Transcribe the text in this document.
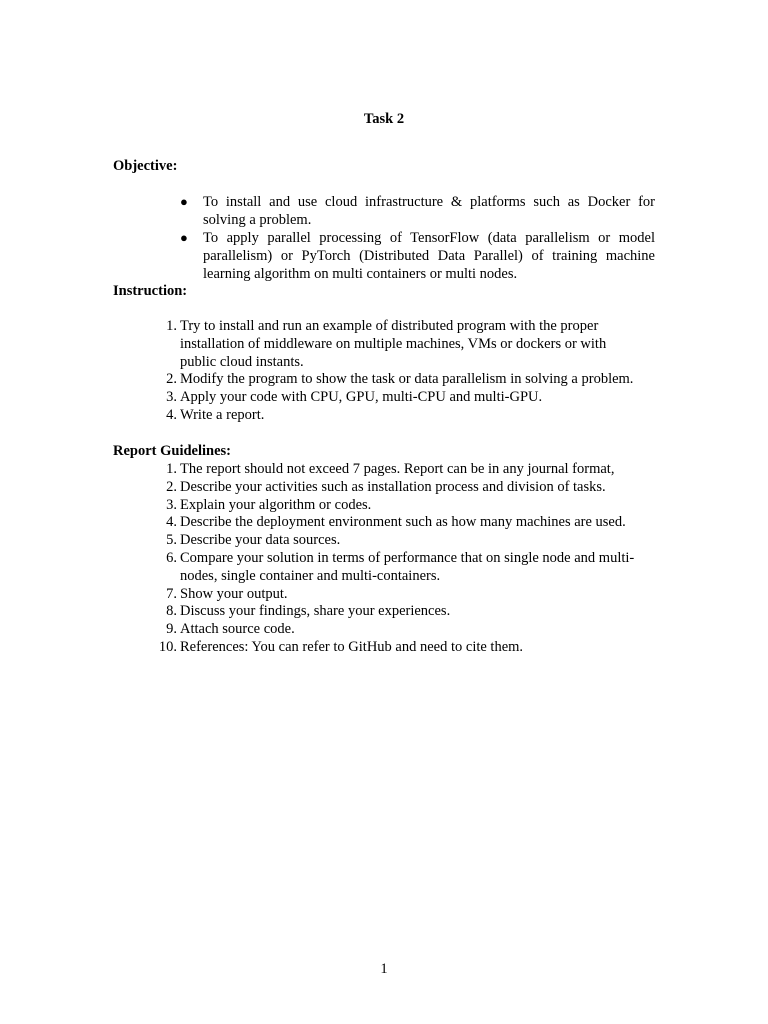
Task 2
Objective:
● To install and use cloud infrastructure & platforms such as Docker for solving a problem.
● To apply parallel processing of TensorFlow (data parallelism or model parallelism) or PyTorch (Distributed Data Parallel) of training machine learning algorithm on multi containers or multi nodes.
Instruction:
1. Try to install and run an example of distributed program with the proper installation of middleware on multiple machines, VMs or dockers or with public cloud instants.
2. Modify the program to show the task or data parallelism in solving a problem.
3. Apply your code with CPU, GPU, multi-CPU and multi-GPU.
4. Write a report.
Report Guidelines:
1. The report should not exceed 7 pages. Report can be in any journal format,
2. Describe your activities such as installation process and division of tasks.
3. Explain your algorithm or codes.
4. Describe the deployment environment such as how many machines are used.
5. Describe your data sources.
6. Compare your solution in terms of performance that on single node and multi-nodes, single container and multi-containers.
7. Show your output.
8. Discuss your findings, share your experiences.
9. Attach source code.
10. References: You can refer to GitHub and need to cite them.
1
